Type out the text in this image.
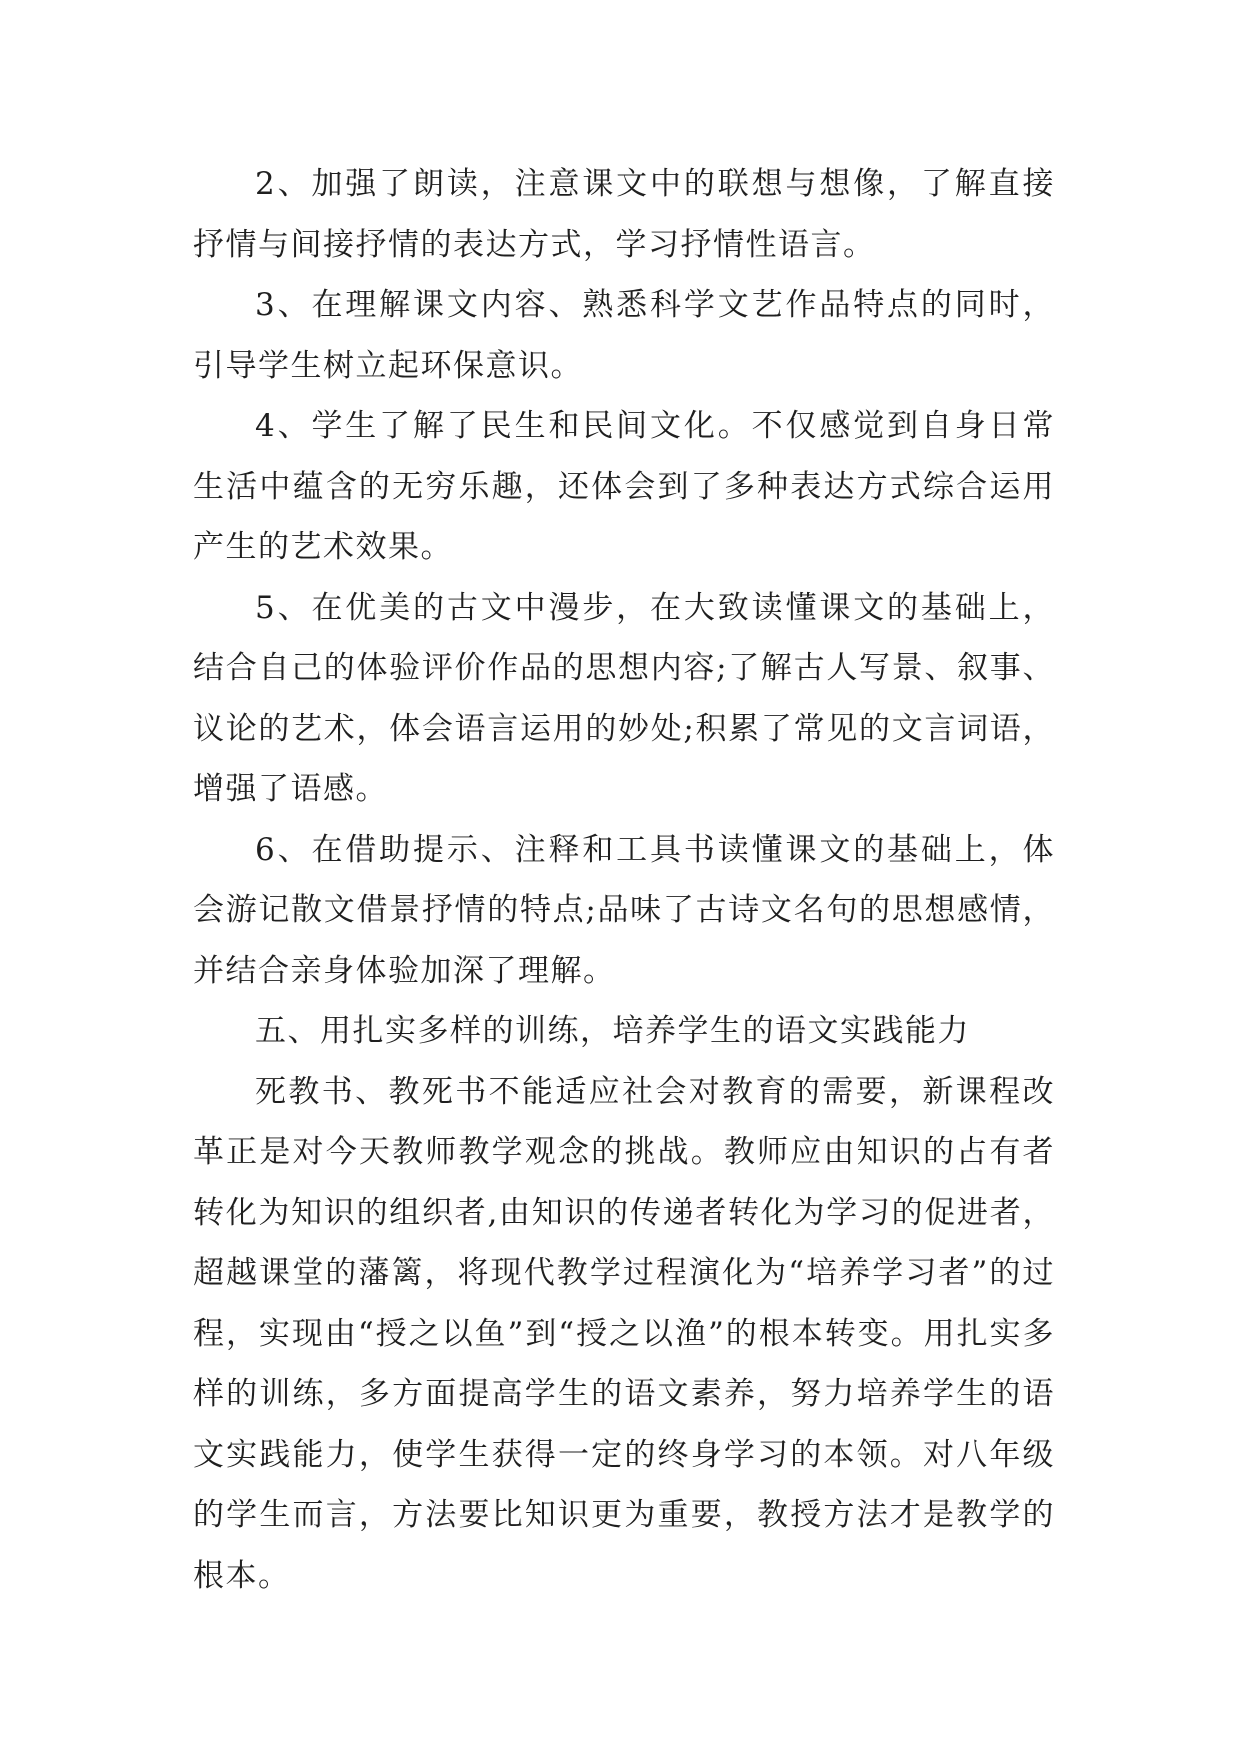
2、加强了朗读，注意课文中的联想与想像，了解直接抒情与间接抒情的表达方式，学习抒情性语言。

3、在理解课文内容、熟悉科学文艺作品特点的同时，引导学生树立起环保意识。

4、学生了解了民生和民间文化。不仅感觉到自身日常生活中蕴含的无穷乐趣，还体会到了多种表达方式综合运用产生的艺术效果。

5、在优美的古文中漫步，在大致读懂课文的基础上，结合自己的体验评价作品的思想内容;了解古人写景、叙事、议论的艺术，体会语言运用的妙处;积累了常见的文言词语，增强了语感。

6、在借助提示、注释和工具书读懂课文的基础上，体会游记散文借景抒情的特点;品味了古诗文名句的思想感情，并结合亲身体验加深了理解。

五、用扎实多样的训练，培养学生的语文实践能力

死教书、教死书不能适应社会对教育的需要，新课程改革正是对今天教师教学观念的挑战。教师应由知识的占有者转化为知识的组织者,由知识的传递者转化为学习的促进者，超越课堂的藩篱，将现代教学过程演化为“培养学习者”的过程，实现由“授之以鱼”到“授之以渔”的根本转变。用扎实多样的训练，多方面提高学生的语文素养，努力培养学生的语文实践能力，使学生获得一定的终身学习的本领。对八年级的学生而言，方法要比知识更为重要，教授方法才是教学的根本。
